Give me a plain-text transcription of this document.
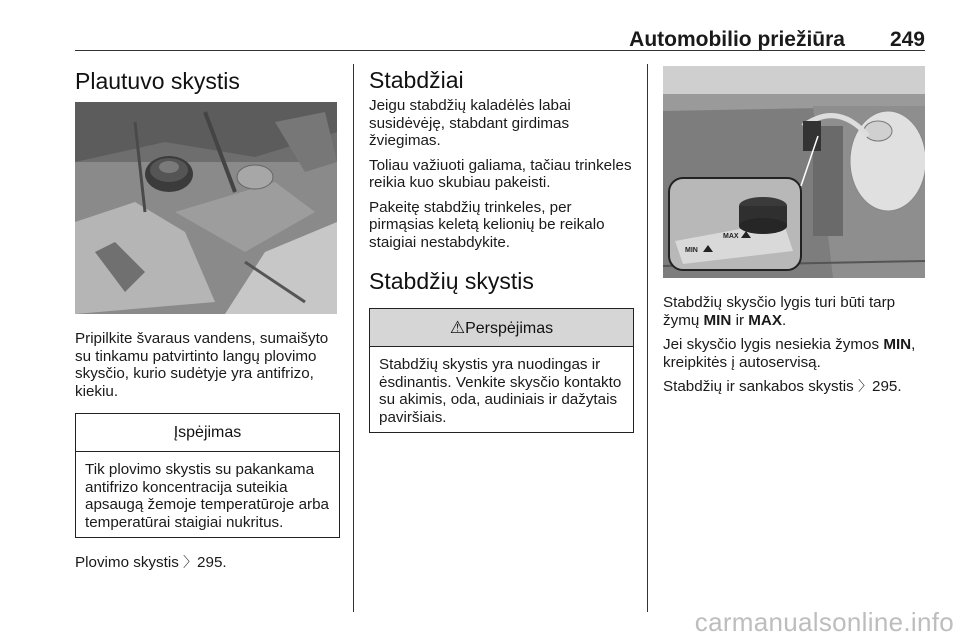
Automobilio priežiūra 249
Plautuvo skystis

Pripilkite švaraus vandens, sumaišyto su tinkamu patvirtinto langų plovimo skysčio, kurio sudėtyje yra antifrizo, kiekiu.

Įspėjimas

Tik plovimo skystis su pakankama antifrizo koncentracija suteikia apsaugą žemoje temperatūroje arba temperatūrai staigiai nukritus.

Plovimo skystis 〉295.

Stabdžiai

Jeigu stabdžių kaladėlės labai susidėvėję, stabdant girdimas žviegimas.

Toliau važiuoti galiama, tačiau trinkeles reikia kuo skubiau pakeisti.

Pakeitę stabdžių trinkeles, per pirmąsias keletą kelionių be reikalo staigiai nestabdykite.

Stabdžių skystis
⚠Perspėjimas

Stabdžių skystis yra nuodingas ir ėsdinantis. Venkite skysčio kontakto su akimis, oda, audiniais ir dažytais paviršiais.

MAX
MIN

Stabdžių skysčio lygis turi būti tarp žymų MIN ir MAX.

Jei skysčio lygis nesiekia žymos MIN, kreipkitės į autoservisą.

Stabdžių ir sankabos skystis 〉295.

carmanualsonline.info
